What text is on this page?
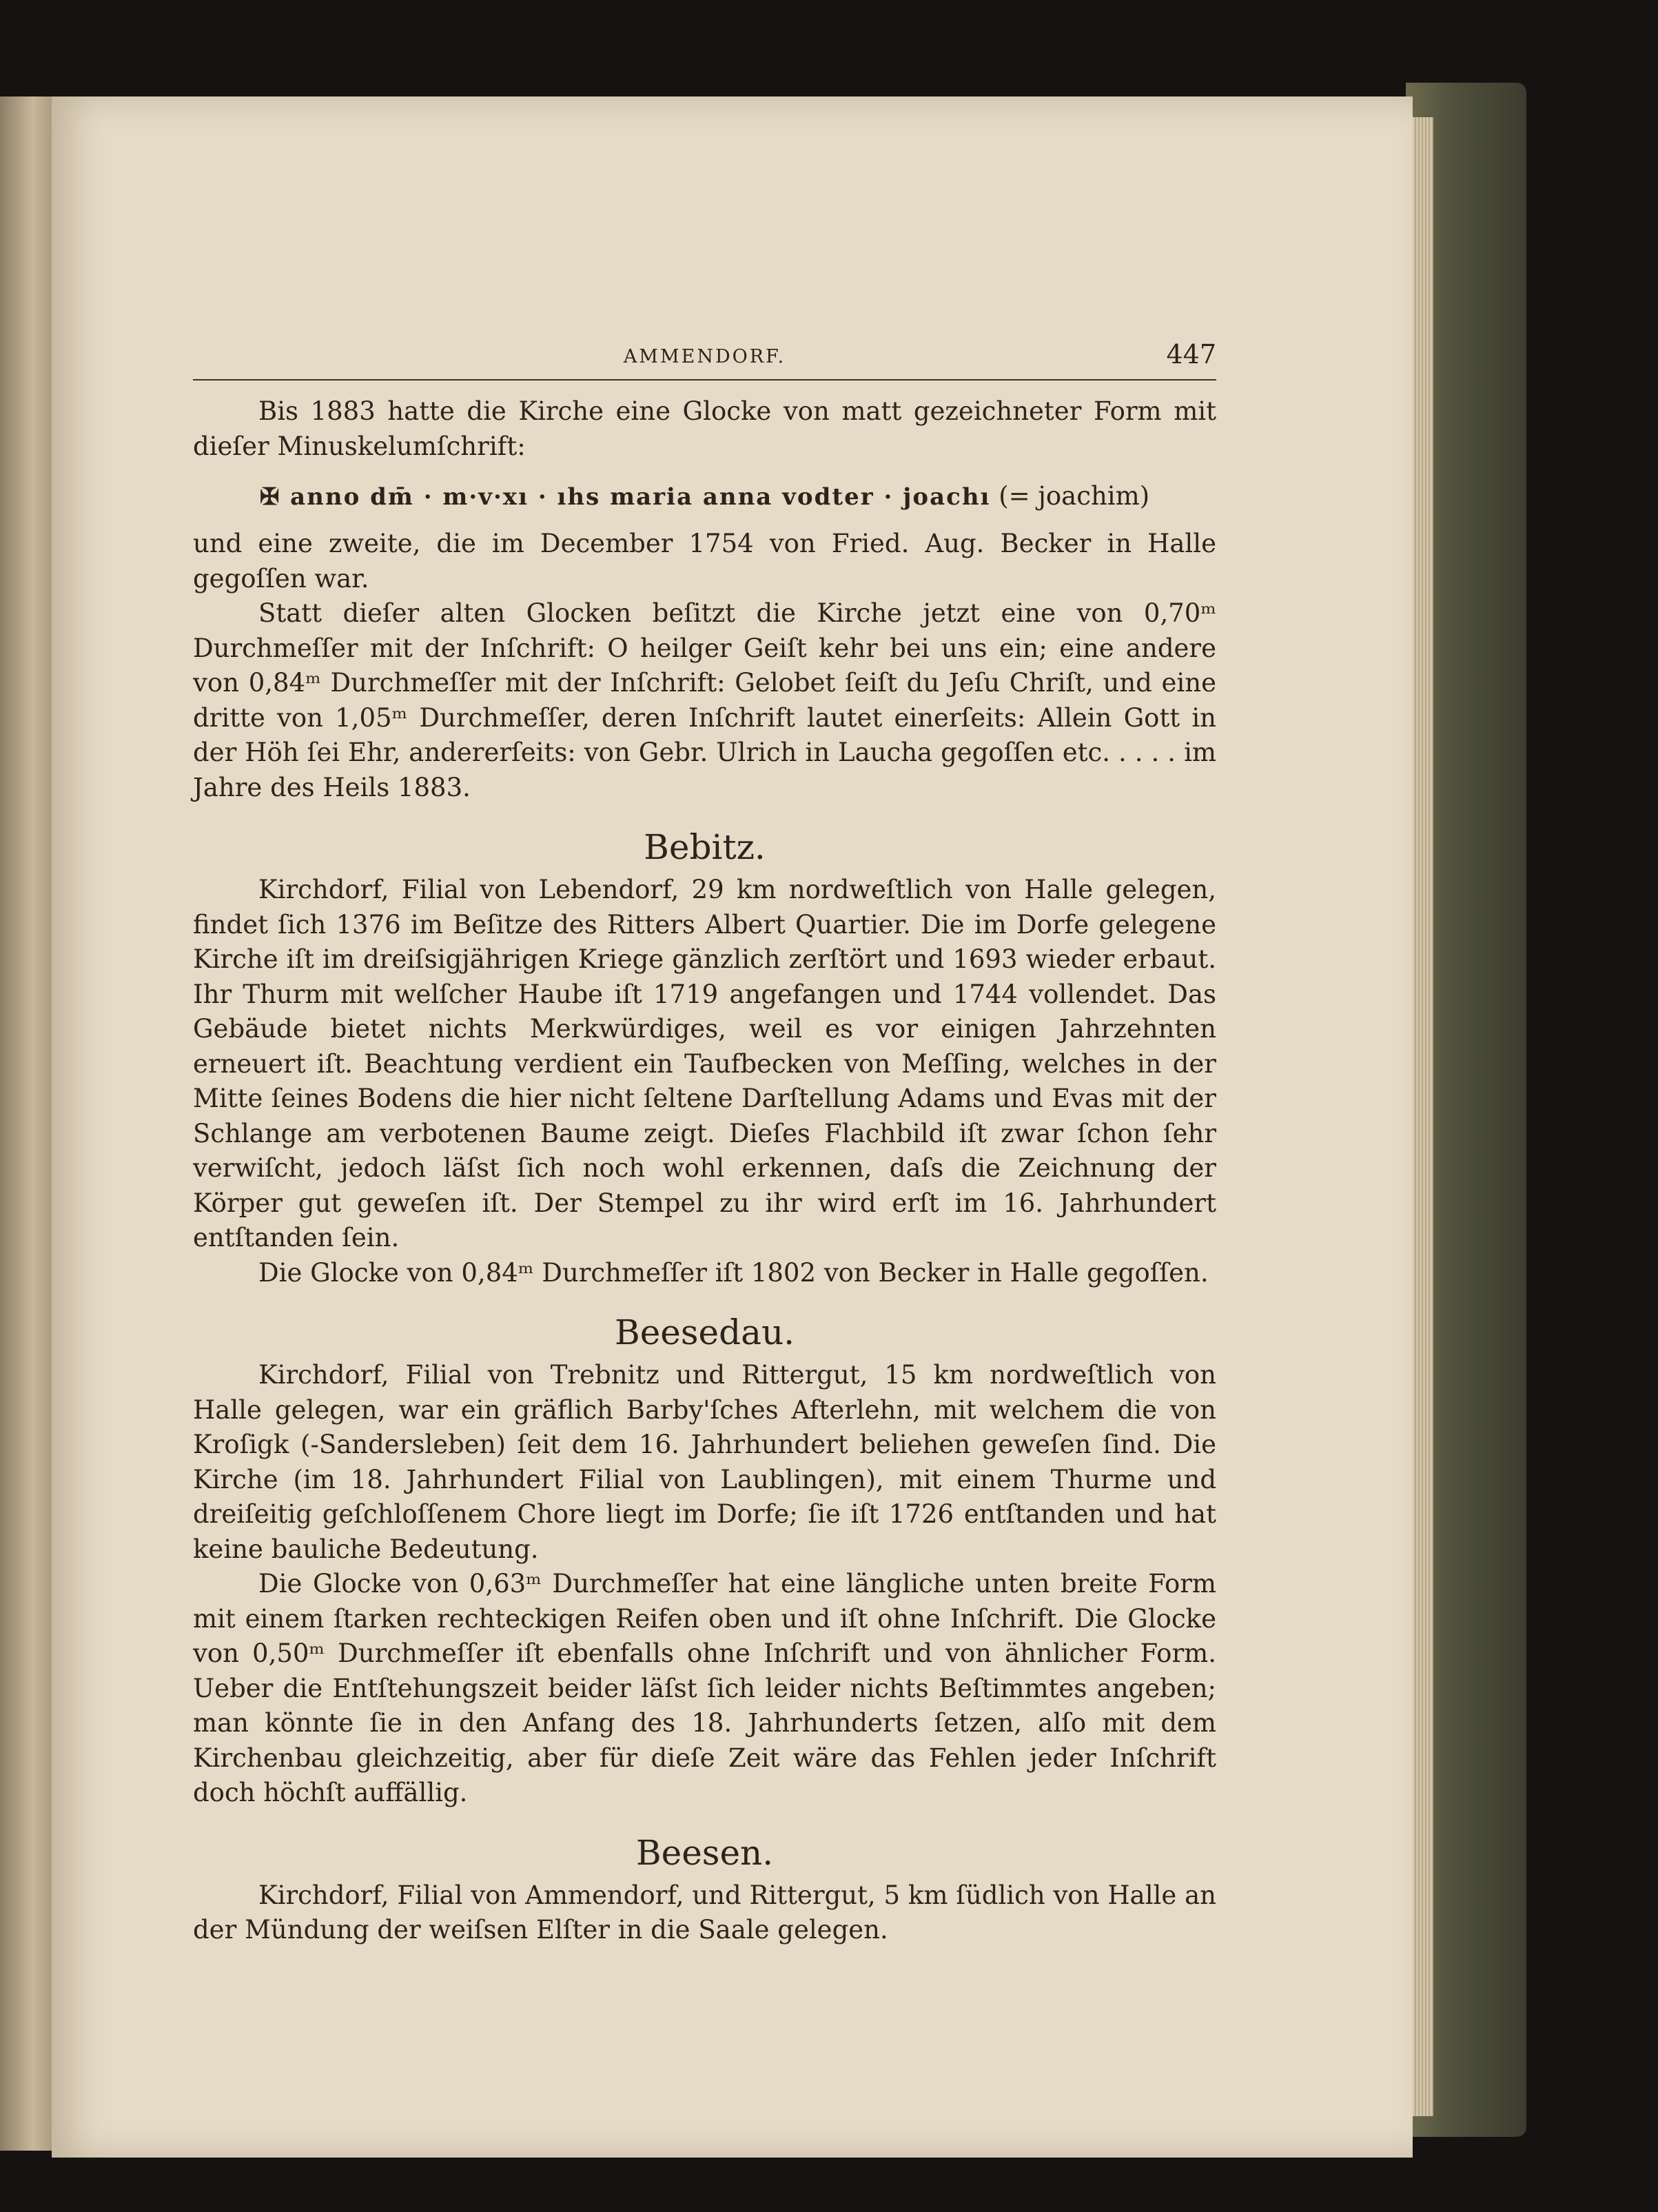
AMMENDORF.	447

Bis 1883 hatte die Kirche eine Glocke von matt gezeichneter Form mit dieſer Minuskelumſchrift:

✠ anno dm̄ · m·v·xı · ıhs maria anna vodter · joachı (= joachim)

und eine zweite, die im December 1754 von Fried. Aug. Becker in Halle gegoſſen war.

Statt dieſer alten Glocken beſitzt die Kirche jetzt eine von 0,70ᵐ Durchmeſſer mit der Inſchrift: O heilger Geiſt kehr bei uns ein; eine andere von 0,84ᵐ Durchmeſſer mit der Inſchrift: Gelobet ſeiſt du Jeſu Chriſt, und eine dritte von 1,05ᵐ Durchmeſſer, deren Inſchrift lautet einerſeits: Allein Gott in der Höh ſei Ehr, andererſeits: von Gebr. Ulrich in Laucha gegoſſen etc. . . . . im Jahre des Heils 1883.

Bebitz.

Kirchdorf, Filial von Lebendorf, 29 km nordweſtlich von Halle gelegen, findet ſich 1376 im Beſitze des Ritters Albert Quartier. Die im Dorfe gelegene Kirche iſt im dreiſsigjährigen Kriege gänzlich zerſtört und 1693 wieder erbaut. Ihr Thurm mit welſcher Haube iſt 1719 angefangen und 1744 vollendet. Das Gebäude bietet nichts Merkwürdiges, weil es vor einigen Jahrzehnten erneuert iſt. Beachtung verdient ein Taufbecken von Meſſing, welches in der Mitte ſeines Bodens die hier nicht ſeltene Darſtellung Adams und Evas mit der Schlange am verbotenen Baume zeigt. Dieſes Flachbild iſt zwar ſchon ſehr verwiſcht, jedoch läſst ſich noch wohl erkennen, daſs die Zeichnung der Körper gut geweſen iſt. Der Stempel zu ihr wird erſt im 16. Jahrhundert entſtanden ſein.

Die Glocke von 0,84ᵐ Durchmeſſer iſt 1802 von Becker in Halle gegoſſen.

Beesedau.

Kirchdorf, Filial von Trebnitz und Rittergut, 15 km nordweſtlich von Halle gelegen, war ein gräflich Barby'ſches Afterlehn, mit welchem die von Kroſigk (-Sandersleben) ſeit dem 16. Jahrhundert beliehen geweſen ſind. Die Kirche (im 18. Jahrhundert Filial von Laublingen), mit einem Thurme und dreiſeitig geſchloſſenem Chore liegt im Dorfe; ſie iſt 1726 entſtanden und hat keine bauliche Bedeutung.

Die Glocke von 0,63ᵐ Durchmeſſer hat eine längliche unten breite Form mit einem ſtarken rechteckigen Reifen oben und iſt ohne Inſchrift. Die Glocke von 0,50ᵐ Durchmeſſer iſt ebenfalls ohne Inſchrift und von ähnlicher Form. Ueber die Entſtehungszeit beider läſst ſich leider nichts Beſtimmtes angeben; man könnte ſie in den Anfang des 18. Jahrhunderts ſetzen, alſo mit dem Kirchenbau gleichzeitig, aber für dieſe Zeit wäre das Fehlen jeder Inſchrift doch höchſt auffällig.

Beesen.

Kirchdorf, Filial von Ammendorf, und Rittergut, 5 km ſüdlich von Halle an der Mündung der weiſsen Elſter in die Saale gelegen.
